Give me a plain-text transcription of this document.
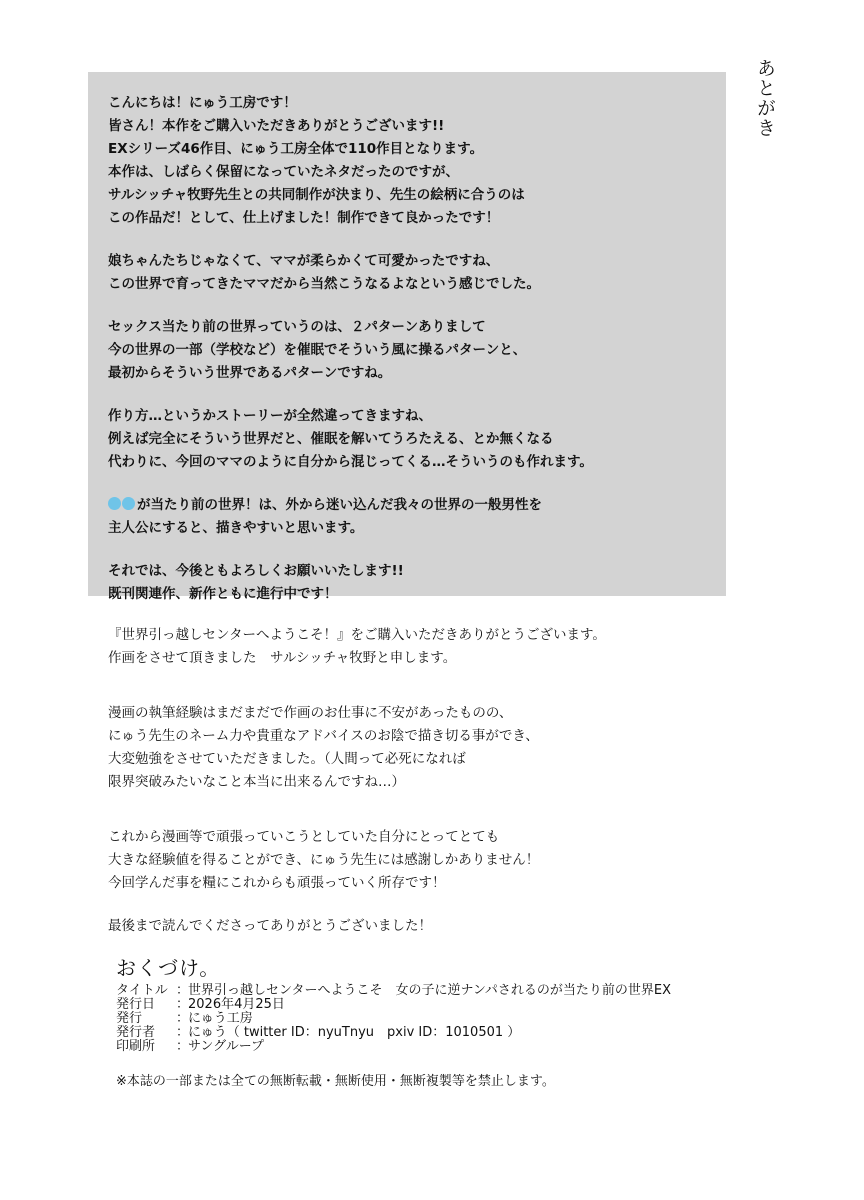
あとがき
こんにちは！にゅう工房です！
皆さん！本作をご購入いただきありがとうございます!!
EXシリーズ46作目、にゅう工房全体で110作目となります。
本作は、しばらく保留になっていたネタだったのですが、
サルシッチャ牧野先生との共同制作が決まり、先生の絵柄に合うのは
この作品だ！として、仕上げました！制作できて良かったです！
娘ちゃんたちじゃなくて、ママが柔らかくて可愛かったですね、
この世界で育ってきたママだから当然こうなるよなという感じでした。
セックス当たり前の世界っていうのは、２パターンありまして
今の世界の一部（学校など）を催眠でそういう風に操るパターンと、
最初からそういう世界であるパターンですね。
作り方…というかストーリーが全然違ってきますね、
例えば完全にそういう世界だと、催眠を解いてうろたえる、とか無くなる
代わりに、今回のママのように自分から混じってくる…そういうのも作れます。
が当たり前の世界！は、外から迷い込んだ我々の世界の一般男性を
主人公にすると、描きやすいと思います。
それでは、今後ともよろしくお願いいたします!!
既刊関連作、新作ともに進行中です！
『世界引っ越しセンターへようこそ！』をご購入いただきありがとうございます。
作画をさせて頂きました　サルシッチャ牧野と申します。
漫画の執筆経験はまだまだで作画のお仕事に不安があったものの、
にゅう先生のネーム力や貴重なアドバイスのお陰で描き切る事ができ、
大変勉強をさせていただきました。（人間って必死になれば
限界突破みたいなこと本当に出来るんですね…）
これから漫画等で頑張っていこうとしていた自分にとってとても
大きな経験値を得ることができ、にゅう先生には感謝しかありません！
今回学んだ事を糧にこれからも頑張っていく所存です！
最後まで読んでくださってありがとうございました！
おくづけ。
タイトル ：
世界引っ越しセンターへようこそ　女の子に逆ナンパされるのが当たり前の世界EX
発行日	：
2026年4月25日
発行	：
にゅう工房
発行者	：
にゅう（ twitter ID：nyuTnyu　pxiv ID：1010501 ）
印刷所	：
サングループ
※本誌の一部または全ての無断転載・無断使用・無断複製等を禁止します。
